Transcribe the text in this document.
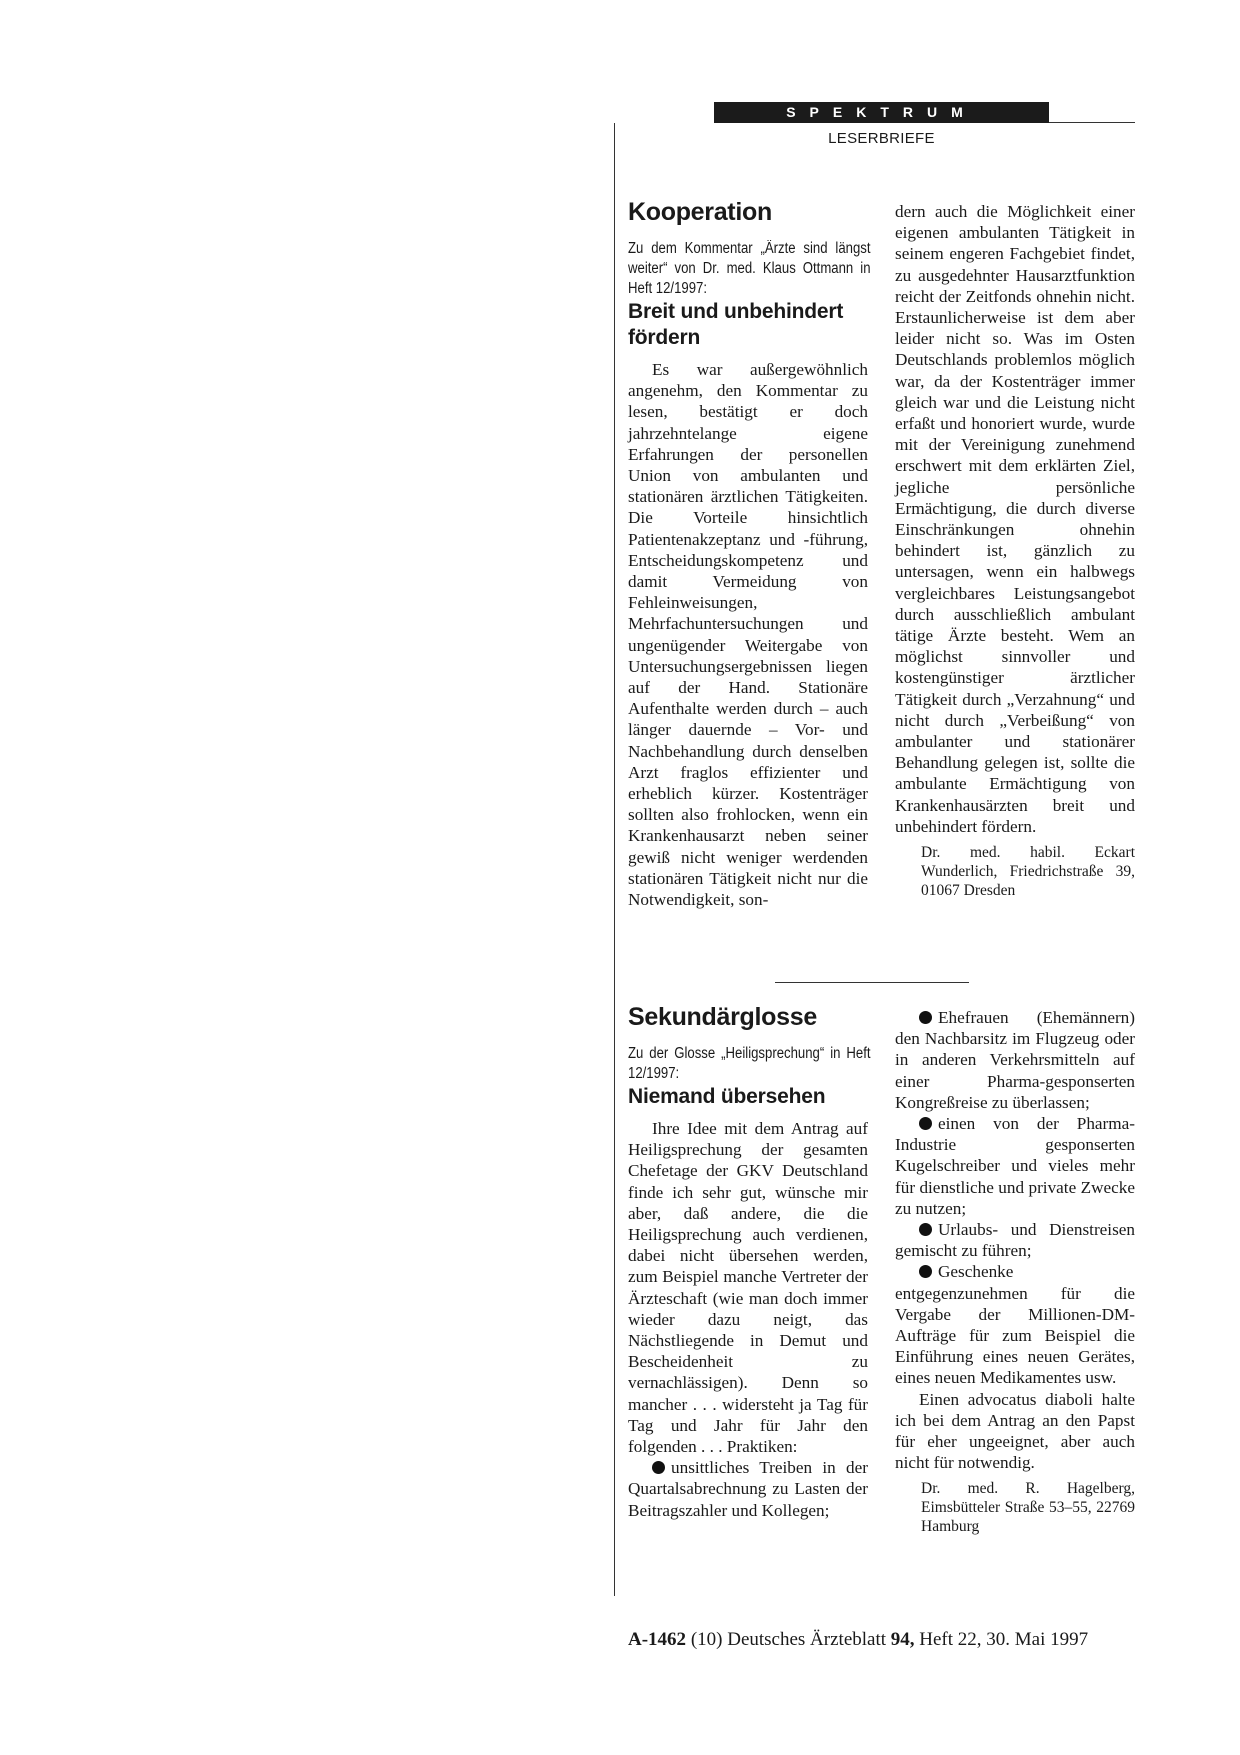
SPEKTRUM
LESERBRIEFE
Kooperation

Zu dem Kommentar „Ärzte sind längst weiter“ von Dr. med. Klaus Ottmann in Heft 12/1997:

Breit und unbehindert fördern

Es war außergewöhnlich angenehm, den Kommentar zu lesen, bestätigt er doch jahrzehntelange eigene Erfahrungen der personellen Union von ambulanten und stationären ärztlichen Tätigkeiten. Die Vorteile hinsichtlich Patientenakzeptanz und -führung, Entscheidungskompetenz und damit Vermeidung von Fehleinweisungen, Mehrfachuntersuchungen und ungenügender Weitergabe von Untersuchungsergebnissen liegen auf der Hand. Stationäre Aufenthalte werden durch – auch länger dauernde – Vor- und Nachbehandlung durch denselben Arzt fraglos effizienter und erheblich kürzer. Kostenträger sollten also frohlocken, wenn ein Krankenhausarzt neben seiner gewiß nicht weniger werdenden stationären Tätigkeit nicht nur die Notwendigkeit, son-

dern auch die Möglichkeit einer eigenen ambulanten Tätigkeit in seinem engeren Fachgebiet findet, zu ausgedehnter Hausarztfunktion reicht der Zeitfonds ohnehin nicht. Erstaunlicherweise ist dem aber leider nicht so. Was im Osten Deutschlands problemlos möglich war, da der Kostenträger immer gleich war und die Leistung nicht erfaßt und honoriert wurde, wurde mit der Vereinigung zunehmend erschwert mit dem erklärten Ziel, jegliche persönliche Ermächtigung, die durch diverse Einschränkungen ohnehin behindert ist, gänzlich zu untersagen, wenn ein halbwegs vergleichbares Leistungsangebot durch ausschließlich ambulant tätige Ärzte besteht. Wem an möglichst sinnvoller und kostengünstiger ärztlicher Tätigkeit durch „Verzahnung“ und nicht durch „Verbeißung“ von ambulanter und stationärer Behandlung gelegen ist, sollte die ambulante Ermächtigung von Krankenhausärzten breit und unbehindert fördern.

Dr. med. habil. Eckart Wunderlich, Friedrichstraße 39, 01067 Dresden

Sekundärglosse

Zu der Glosse „Heiligsprechung“ in Heft 12/1997:

Niemand übersehen

Ihre Idee mit dem Antrag auf Heiligsprechung der gesamten Chefetage der GKV Deutschland finde ich sehr gut, wünsche mir aber, daß andere, die die Heiligsprechung auch verdienen, dabei nicht übersehen werden, zum Beispiel manche Vertreter der Ärzteschaft (wie man doch immer wieder dazu neigt, das Nächstliegende in Demut und Bescheidenheit zu vernachlässigen). Denn so mancher . . . widersteht ja Tag für Tag und Jahr für Jahr den folgenden . . . Praktiken:

unsittliches Treiben in der Quartalsabrechnung zu Lasten der Beitragszahler und Kollegen;

Ehefrauen (Ehemännern) den Nachbarsitz im Flugzeug oder in anderen Verkehrsmitteln auf einer Pharma-gesponserten Kongreßreise zu überlassen;

einen von der Pharma-Industrie gesponserten Kugelschreiber und vieles mehr für dienstliche und private Zwecke zu nutzen;

Urlaubs- und Dienstreisen gemischt zu führen;

Geschenke entgegenzunehmen für die Vergabe der Millionen-DM-Aufträge für zum Beispiel die Einführung eines neuen Gerätes, eines neuen Medikamentes usw.

Einen advocatus diaboli halte ich bei dem Antrag an den Papst für eher ungeeignet, aber auch nicht für notwendig.

Dr. med. R. Hagelberg, Eimsbütteler Straße 53–55, 22769 Hamburg

A-1462 (10) Deutsches Ärzteblatt 94, Heft 22, 30. Mai 1997
